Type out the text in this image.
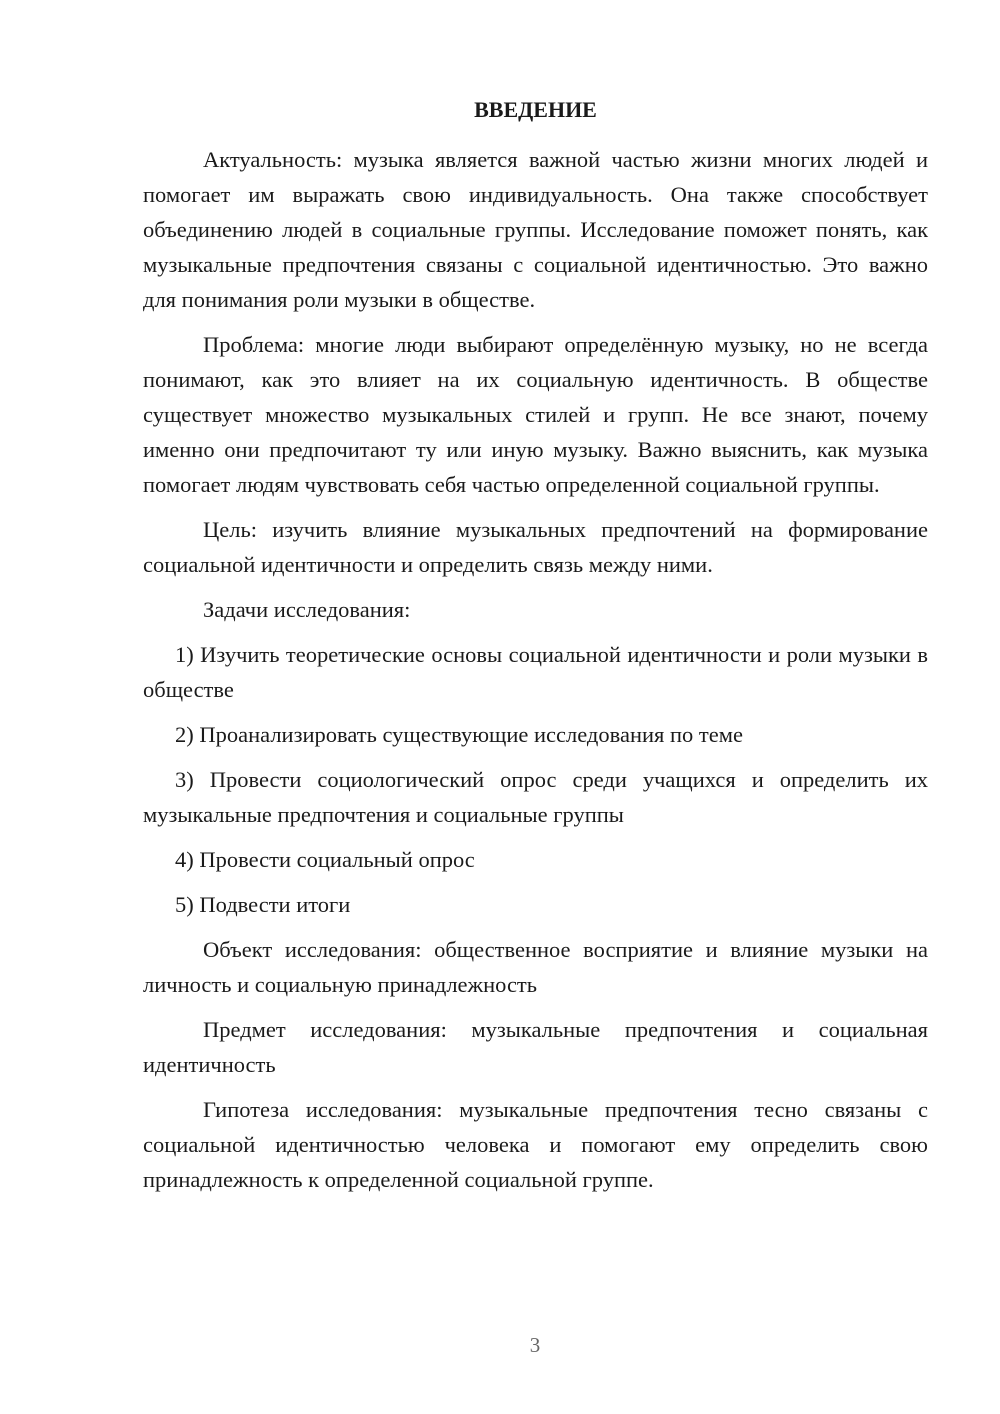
ВВЕДЕНИЕ

Актуальность: музыка является важной частью жизни многих людей и помогает им выражать свою индивидуальность. Она также способствует объединению людей в социальные группы. Исследование поможет понять, как музыкальные предпочтения связаны с социальной идентичностью. Это важно для понимания роли музыки в обществе.

Проблема: многие люди выбирают определённую музыку, но не всегда понимают, как это влияет на их социальную идентичность. В обществе существует множество музыкальных стилей и групп. Не все знают, почему именно они предпочитают ту или иную музыку. Важно выяснить, как музыка помогает людям чувствовать себя частью определенной социальной группы.

Цель: изучить влияние музыкальных предпочтений на формирование социальной идентичности и определить связь между ними.

Задачи исследования:

1) Изучить теоретические основы социальной идентичности и роли музыки в обществе

2) Проанализировать существующие исследования по теме

3) Провести социологический опрос среди учащихся и определить их музыкальные предпочтения и социальные группы

4) Провести социальный опрос

5) Подвести итоги

Объект исследования: общественное восприятие и влияние музыки на личность и социальную принадлежность

Предмет исследования: музыкальные предпочтения и социальная идентичность

Гипотеза исследования: музыкальные предпочтения тесно связаны с социальной идентичностью человека и помогают ему определить свою принадлежность к определенной социальной группе.

3
